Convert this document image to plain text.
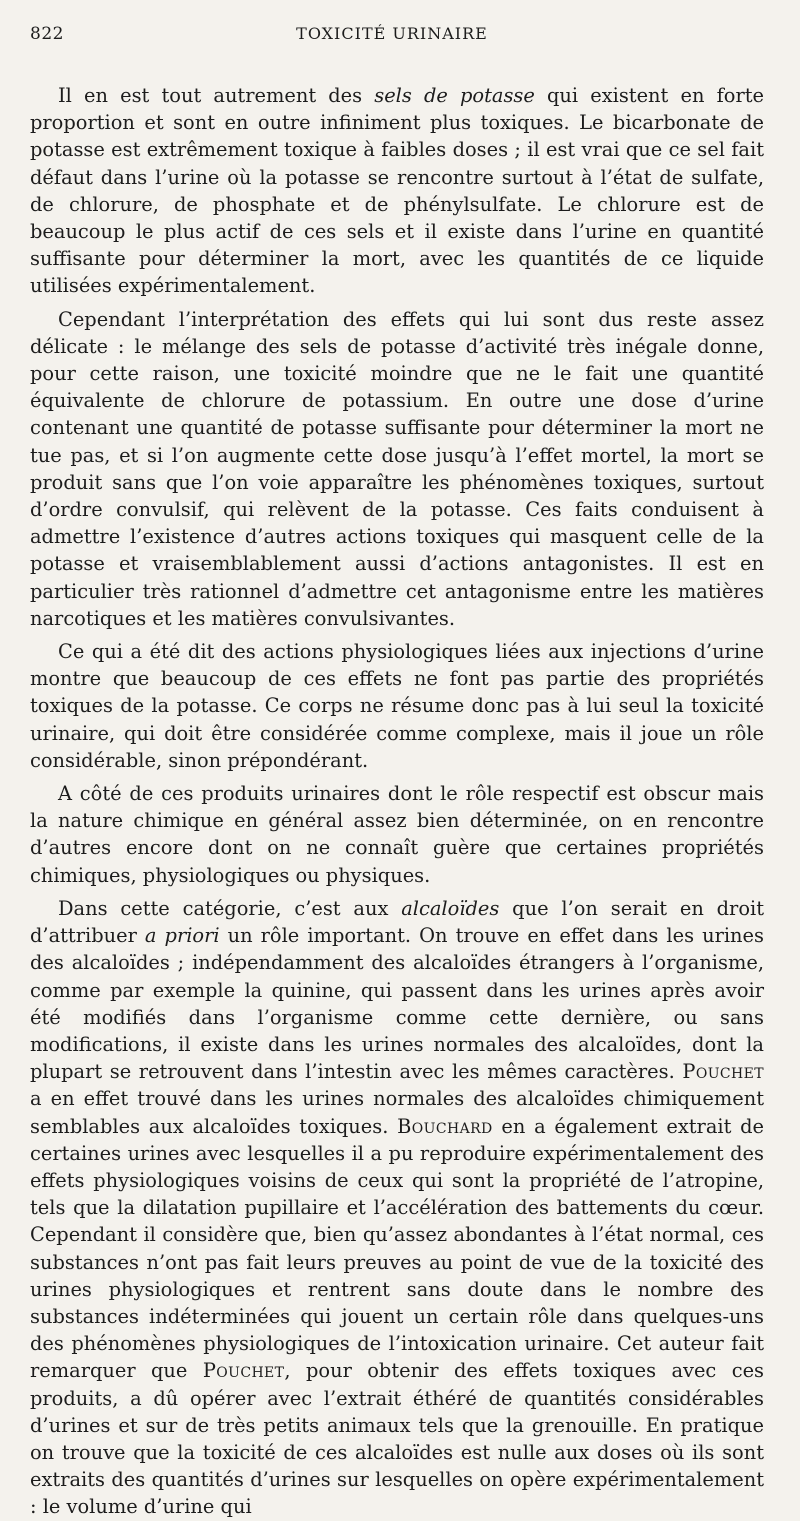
822	TOXICITÉ URINAIRE

Il en est tout autrement des sels de potasse qui existent en forte proportion et sont en outre infiniment plus toxiques. Le bicarbonate de potasse est extrêmement toxique à faibles doses ; il est vrai que ce sel fait défaut dans l’urine où la potasse se rencontre surtout à l’état de sulfate, de chlorure, de phosphate et de phénylsulfate. Le chlorure est de beaucoup le plus actif de ces sels et il existe dans l’urine en quantité suffisante pour déterminer la mort, avec les quantités de ce liquide utilisées expérimentalement.

Cependant l’interprétation des effets qui lui sont dus reste assez délicate : le mélange des sels de potasse d’activité très inégale donne, pour cette raison, une toxicité moindre que ne le fait une quantité équivalente de chlorure de potassium. En outre une dose d’urine contenant une quantité de potasse suffisante pour déterminer la mort ne tue pas, et si l’on augmente cette dose jusqu’à l’effet mortel, la mort se produit sans que l’on voie apparaître les phénomènes toxiques, surtout d’ordre convulsif, qui relèvent de la potasse. Ces faits conduisent à admettre l’existence d’autres actions toxiques qui masquent celle de la potasse et vraisemblablement aussi d’actions antagonistes. Il est en particulier très rationnel d’admettre cet antagonisme entre les matières narcotiques et les matières convulsivantes.

Ce qui a été dit des actions physiologiques liées aux injections d’urine montre que beaucoup de ces effets ne font pas partie des propriétés toxiques de la potasse. Ce corps ne résume donc pas à lui seul la toxicité urinaire, qui doit être considérée comme complexe, mais il joue un rôle considérable, sinon prépondérant.

A côté de ces produits urinaires dont le rôle respectif est obscur mais la nature chimique en général assez bien déterminée, on en rencontre d’autres encore dont on ne connaît guère que certaines propriétés chimiques, physiologiques ou physiques.

Dans cette catégorie, c’est aux alcaloïdes que l’on serait en droit d’attribuer a priori un rôle important. On trouve en effet dans les urines des alcaloïdes ; indépendamment des alcaloïdes étrangers à l’organisme, comme par exemple la quinine, qui passent dans les urines après avoir été modifiés dans l’organisme comme cette dernière, ou sans modifications, il existe dans les urines normales des alcaloïdes, dont la plupart se retrouvent dans l’intestin avec les mêmes caractères. Pouchet a en effet trouvé dans les urines normales des alcaloïdes chimiquement semblables aux alcaloïdes toxiques. Bouchard en a également extrait de certaines urines avec lesquelles il a pu reproduire expérimentalement des effets physiologiques voisins de ceux qui sont la propriété de l’atropine, tels que la dilatation pupillaire et l’accélération des battements du cœur. Cependant il considère que, bien qu’assez abondantes à l’état normal, ces substances n’ont pas fait leurs preuves au point de vue de la toxicité des urines physiologiques et rentrent sans doute dans le nombre des substances indéterminées qui jouent un certain rôle dans quelques-uns des phénomènes physiologiques de l’intoxication urinaire. Cet auteur fait remarquer que Pouchet, pour obtenir des effets toxiques avec ces produits, a dû opérer avec l’extrait éthéré de quantités considérables d’urines et sur de très petits animaux tels que la grenouille. En pratique on trouve que la toxicité de ces alcaloïdes est nulle aux doses où ils sont extraits des quantités d’urines sur lesquelles on opère expérimentalement : le volume d’urine qui
